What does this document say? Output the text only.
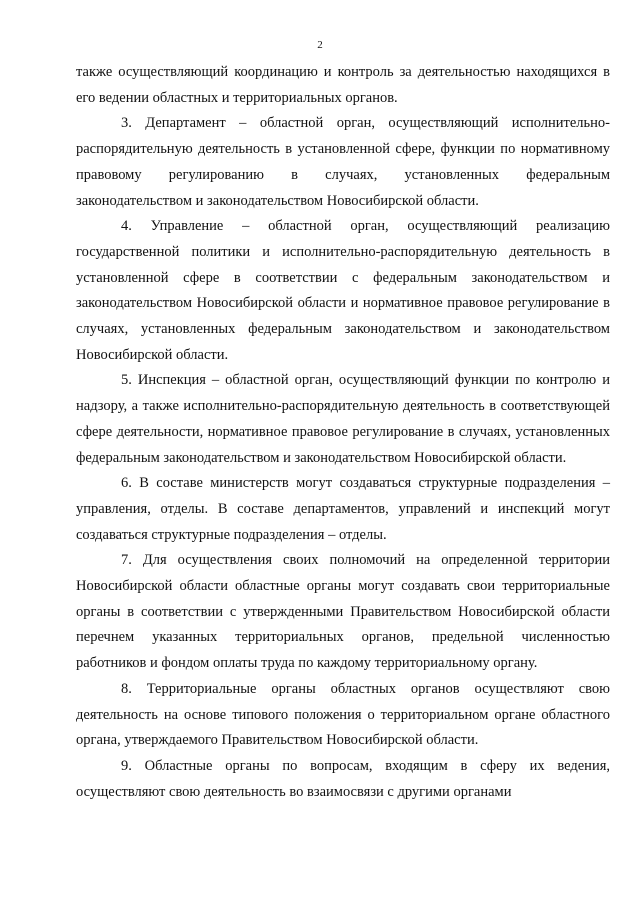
2

также осуществляющий координацию и контроль за деятельностью находящихся в его ведении областных и территориальных органов.

3. Департамент – областной орган, осуществляющий исполнительно-распорядительную деятельность в установленной сфере, функции по нормативному правовому регулированию в случаях, установленных федеральным законодательством и законодательством Новосибирской области.

4. Управление – областной орган, осуществляющий реализацию государственной политики и исполнительно-распорядительную деятельность в установленной сфере в соответствии с федеральным законодательством и законодательством Новосибирской области и нормативное правовое регулирование в случаях, установленных федеральным законодательством и законодательством Новосибирской области.

5. Инспекция – областной орган, осуществляющий функции по контролю и надзору, а также исполнительно-распорядительную деятельность в соответствующей сфере деятельности, нормативное правовое регулирование в случаях, установленных федеральным законодательством и законодательством Новосибирской области.

6. В составе министерств могут создаваться структурные подразделения – управления, отделы. В составе департаментов, управлений и инспекций могут создаваться структурные подразделения – отделы.

7. Для осуществления своих полномочий на определенной территории Новосибирской области областные органы могут создавать свои территориальные органы в соответствии с утвержденными Правительством Новосибирской области перечнем указанных территориальных органов, предельной численностью работников и фондом оплаты труда по каждому территориальному органу.

8. Территориальные органы областных органов осуществляют свою деятельность на основе типового положения о территориальном органе областного органа, утверждаемого Правительством Новосибирской области.

9. Областные органы по вопросам, входящим в сферу их ведения, осуществляют свою деятельность во взаимосвязи с другими органами
